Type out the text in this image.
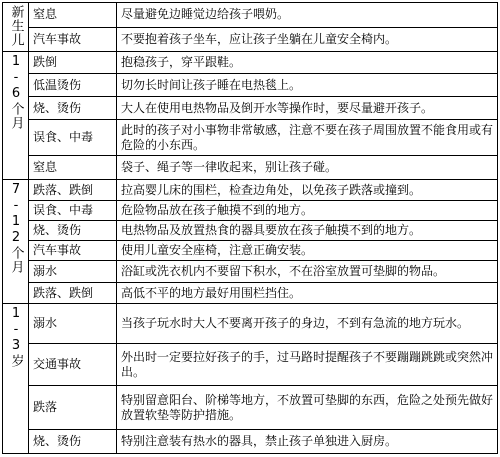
新生儿	窒息	尽量避免边睡觉边给孩子喂奶。
	汽车事故	不要抱着孩子坐车，应让孩子坐躺在儿童安全椅内。
1-6个月	跌倒	抱稳孩子，穿平跟鞋。
	低温烫伤	切勿长时间让孩子睡在电热毯上。
	烧、烫伤	大人在使用电热物品及倒开水等操作时，要尽量避开孩子。
	误食、中毒	此时的孩子对小事物非常敏感，注意不要在孩子周围放置不能食用或有危险的小东西。
	窒息	袋子、绳子等一律收起来，别让孩子碰。
7-12个月	跌落、跌倒	拉高婴儿床的围栏，检查边角处，以免孩子跌落或撞到。
	误食、中毒	危险物品放在孩子触摸不到的地方。
	烧、烫伤	电热物品及放置热食的器具要放在孩子触摸不到的地方。
	汽车事故	使用儿童安全座椅，注意正确安装。
	溺水	浴缸或洗衣机内不要留下积水，不在浴室放置可垫脚的物品。
	跌落、跌倒	高低不平的地方最好用围栏挡住。
1-3岁	溺水	当孩子玩水时大人不要离开孩子的身边，不到有急流的地方玩水。
	交通事故	外出时一定要拉好孩子的手，过马路时提醒孩子不要蹦蹦跳跳或突然冲出。
	跌落	特别留意阳台、阶梯等地方，不放置可垫脚的东西，危险之处预先做好放置软垫等防护措施。
	烧、烫伤	特别注意装有热水的器具，禁止孩子单独进入厨房。
